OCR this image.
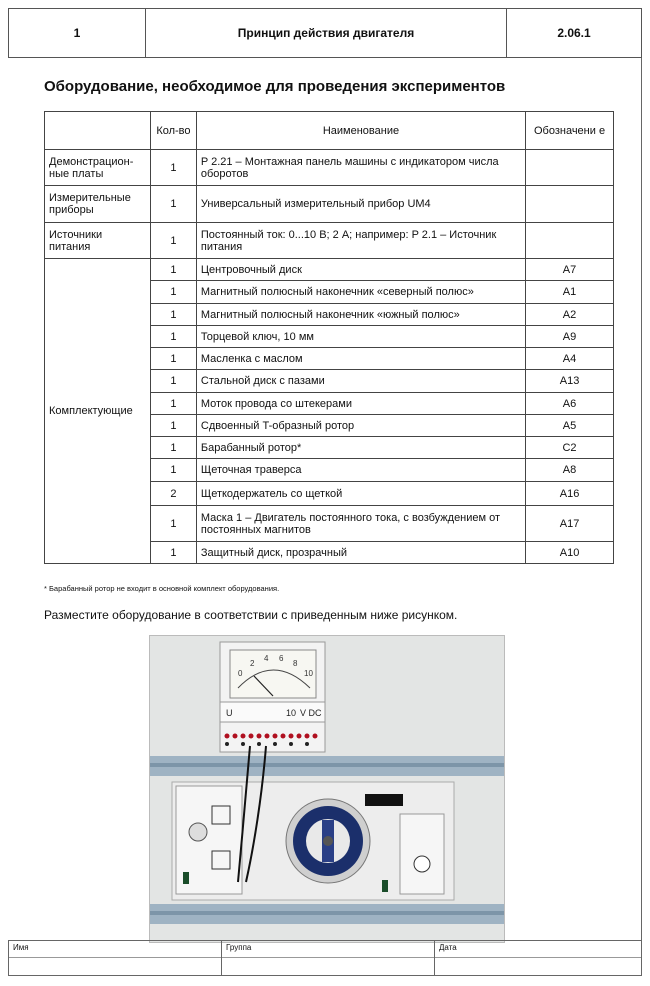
1	Принцип действия двигателя	2.06.1
Оборудование, необходимое для проведения экспериментов
	Кол-во	Наименование	Обозначени е
Демонстрацион- ные платы	1	P 2.21 – Монтажная панель машины с индикатором числа оборотов	
Измерительные приборы	1	Универсальный измерительный прибор UM4	
Источники питания	1	Постоянный ток: 0...10 В; 2 А; например: P 2.1 – Источник питания	
Комплектующие	1	Центровочный диск	A7
	1	Магнитный полюсный наконечник «северный полюс»	A1
	1	Магнитный полюсный наконечник «южный полюс»	A2
	1	Торцевой ключ, 10 мм	A9
	1	Масленка с маслом	A4
	1	Стальной диск с пазами	A13
	1	Моток провода со штекерами	A6
	1	Сдвоенный T-образный ротор	A5
	1	Барабанный ротор*	C2
	1	Щеточная траверса	A8
	2	Щеткодержатель со щеткой	A16
	1	Маска 1 – Двигатель постоянного тока, с возбуждением от постоянных магнитов	A17
	1	Защитный диск, прозрачный	A10
* Барабанный ротор не входит в основной комплект оборудования.
Разместите оборудование в соответствии с приведенным ниже рисунком.
0
2
4 6
8
10
U	10 V DC
Имя	Группа	Дата
